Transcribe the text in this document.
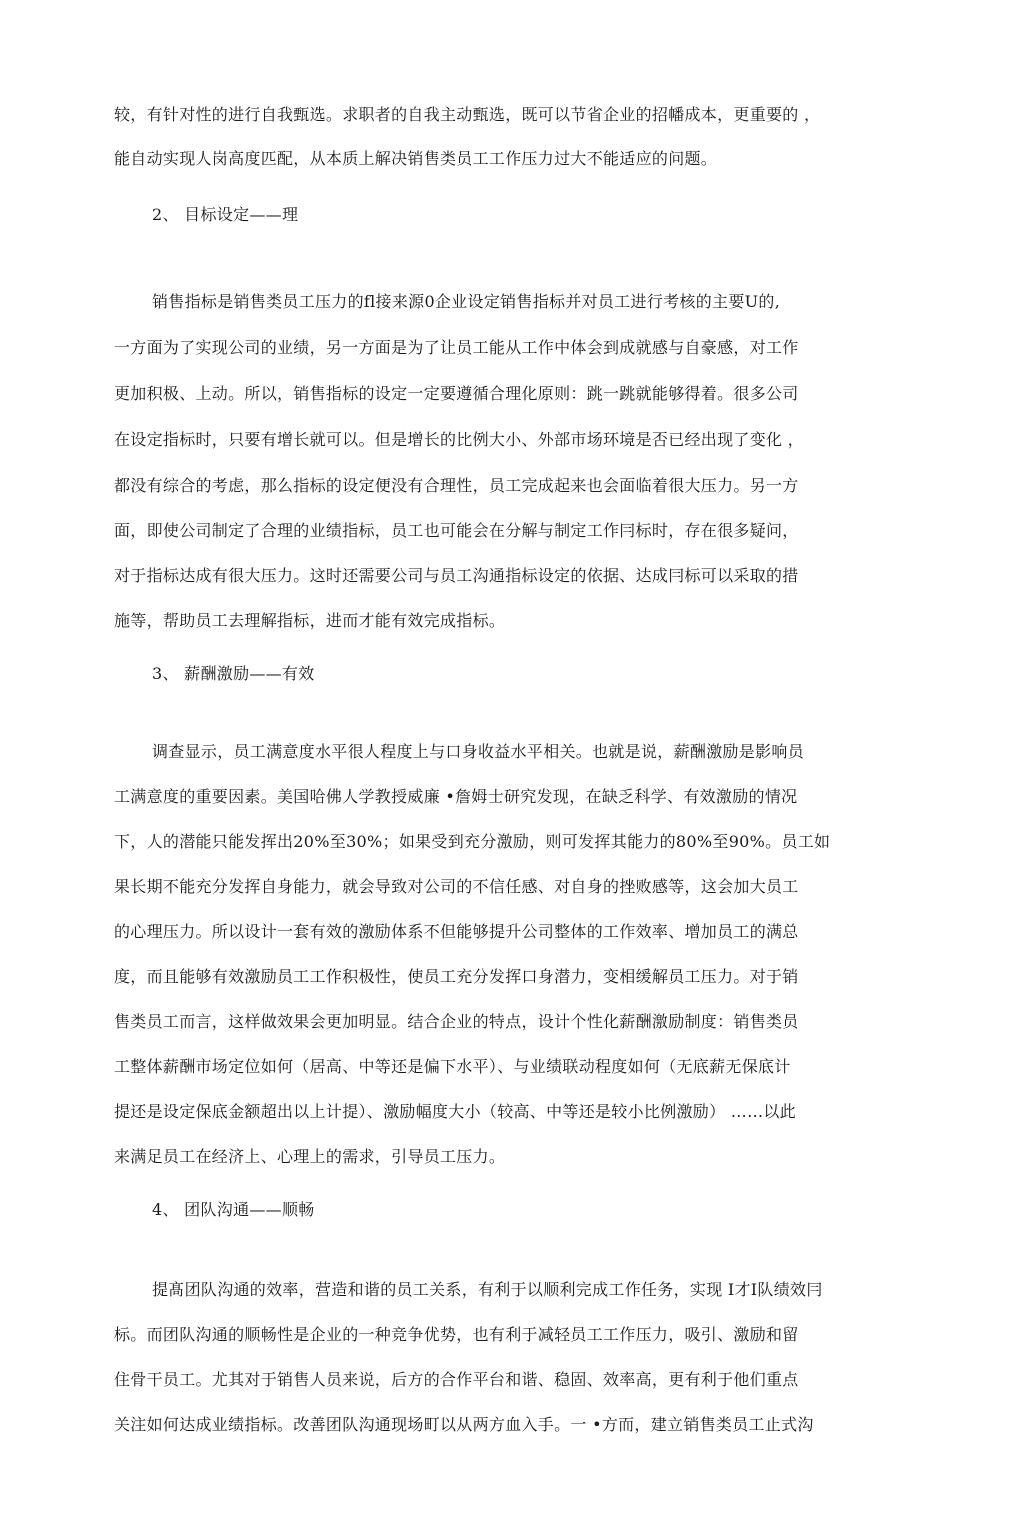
较，有针对性的进行自我甄选。求职者的自我主动甄选，既可以节省企业的招幡成本，更重要的 ，
能自动实现人岗高度匹配，从本质上解决销售类员工工作压力过大不能适应的问题。
2、 目标设定——理
销售指标是销售类员工压力的fl接来源0企业设定销售指标并对员工进行考核的主要U的,
一方面为了实现公司的业绩，另一方面是为了让员工能从工作中体会到成就感与自豪感，对工作
更加积极、上动。所以，销售指标的设定一定要遵循合理化原则：跳一跳就能够得着。很多公司
在设定指标时，只要有增长就可以。但是增长的比例大小、外部市场环境是否已经出现了变化 ，
都没有综合的考虑，那么指标的设定便没有合理性，员工完成起来也会面临着很大压力。另一方
面，即使公司制定了合理的业绩指标，员工也可能会在分解与制定工作冃标时，存在很多疑问，
对于指标达成有很大压力。这时还需要公司与员工沟通指标设定的依据、达成冃标可以采取的措
施等，帮助员工去理解指标，进而才能有效完成指标。
3、 薪酬激励——有效
调查显示，员工满意度水平很人程度上与口身收益水平相关。也就是说，薪酬激励是影响员
工满意度的重要因素。美国哈佛人学教授威廉 •詹姆士研究发现，在缺乏科学、有效激励的情况
下，人的潜能只能发挥出20%至30%；如果受到充分激励，则可发挥其能力的80%至90%。员工如
果长期不能充分发挥自身能力，就会导致对公司的不信任感、对自身的挫败感等，这会加大员工
的心理压力。所以设计一套有效的激励体系不但能够提升公司整体的工作效率、增加员工的满总
度，而且能够有效激励员工工作积极性，使员工充分发挥口身潜力，变相缓解员工压力。对于销
售类员工而言，这样做效果会更加明显。结合企业的特点，设计个性化薪酬激励制度：销售类员
工整体薪酬市场定位如何（居高、中等还是偏下水平）、与业绩联动程度如何（无底薪无保底计
提还是设定保底金额超出以上计提）、激励幅度大小（较高、中等还是较小比例激励） ……以此
来满足员工在经济上、心理上的需求，引导员工压力。
4、 团队沟通——顺畅
提髙团队沟通的效率，营造和谐的员工关系，有利于以顺利完成工作任务，实现 I才I队绩效冃
标。而团队沟通的顺畅性是企业的一种竞争优势，也有利于减轻员工工作压力，吸引、激励和留
住骨干员工。尤其对于销售人员来说，后方的合作平台和谐、稳固、效率高，更有利于他们重点
关注如何达成业绩指标。改善团队沟通现场町以从两方血入手。一 •方而，建立销售类员工止式沟
